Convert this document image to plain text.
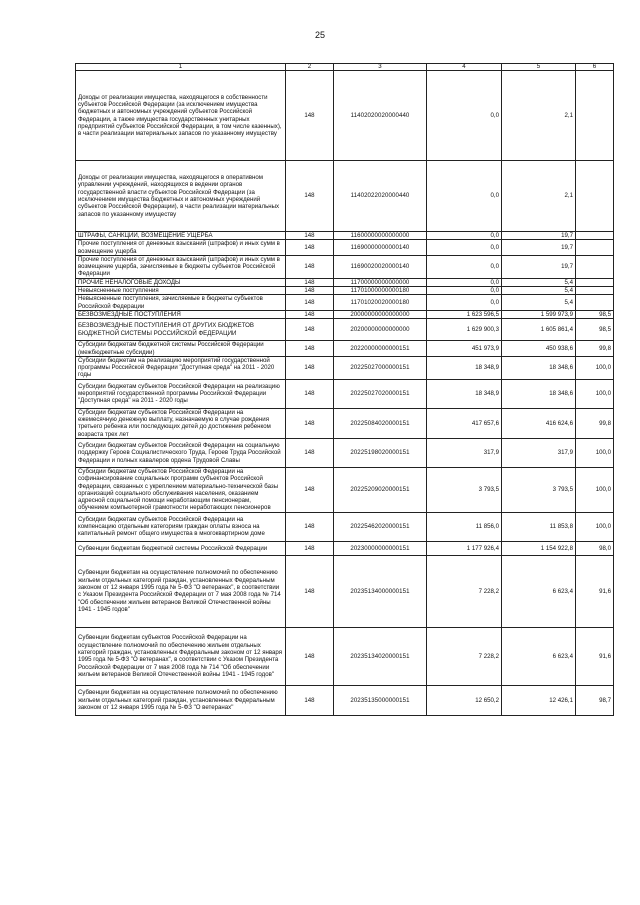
25
1	2	3	4	5	6
Доходы от реализации имущества, находящегося в собственности субъектов Российской Федерации (за исключением имущества бюджетных и автономных учреждений субъектов Российской Федерации, а также имущества государственных унитарных предприятий субъектов Российской Федерации, в том числе казенных), в части реализации материальных запасов по указанному имуществу	148	11402020020000440	0,0	2,1	
Доходы от реализации имущества, находящегося в оперативном управлении учреждений, находящихся в ведении органов государственной власти субъектов Российской Федерации (за исключением имущества бюджетных и автономных учреждений субъектов Российской Федерации), в части реализации материальных запасов по указанному имуществу	148	11402022020000440	0,0	2,1	
ШТРАФЫ, САНКЦИИ, ВОЗМЕЩЕНИЕ УЩЕРБА	148	11600000000000000	0,0	19,7	
Прочие поступления от денежных взысканий (штрафов) и иных сумм в возмещение ущерба	148	11690000000000140	0,0	19,7	
Прочие поступления от денежных взысканий (штрафов) и иных сумм в возмещение ущерба, зачисляемые в бюджеты субъектов Российской Федерации	148	11690020020000140	0,0	19,7	
ПРОЧИЕ НЕНАЛОГОВЫЕ ДОХОДЫ	148	11700000000000000	0,0	5,4	
Невыясненные поступления	148	11701000000000180	0,0	5,4	
Невыясненные поступления, зачисляемые в бюджеты субъектов Российской Федерации	148	11701020020000180	0,0	5,4	
БЕЗВОЗМЕЗДНЫЕ ПОСТУПЛЕНИЯ	148	20000000000000000	1 623 596,5	1 599 973,9	98,5
БЕЗВОЗМЕЗДНЫЕ ПОСТУПЛЕНИЯ ОТ ДРУГИХ БЮДЖЕТОВ БЮДЖЕТНОЙ СИСТЕМЫ РОССИЙСКОЙ ФЕДЕРАЦИИ	148	20200000000000000	1 629 900,3	1 605 861,4	98,5
Субсидии бюджетам бюджетной системы Российской Федерации (межбюджетные субсидии)	148	20220000000000151	451 973,9	450 938,6	99,8
Субсидии бюджетам на реализацию мероприятий государственной программы Российской Федерации "Доступная среда" на 2011 - 2020 годы	148	20225027000000151	18 348,9	18 348,6	100,0
Субсидии бюджетам субъектов Российской Федерации на реализацию мероприятий государственной программы Российской Федерации "Доступная среда" на 2011 - 2020 годы	148	20225027020000151	18 348,9	18 348,6	100,0
Субсидии бюджетам субъектов Российской Федерации на ежемесячную денежную выплату, назначаемую в случае рождения третьего ребенка или последующих детей до достижения ребенком возраста трех лет	148	20225084020000151	417 657,6	416 624,6	99,8
Субсидии бюджетам субъектов Российской Федерации на социальную поддержку Героев Социалистического Труда, Героев Труда Российской Федерации и полных кавалеров ордена Трудовой Славы	148	20225198020000151	317,9	317,9	100,0
Субсидии бюджетам субъектов Российской Федерации на софинансирование социальных программ субъектов Российской Федерации, связанных с укреплением материально-технической базы организаций социального обслуживания населения, оказанием адресной социальной помощи неработающим пенсионерам, обучением компьютерной грамотности неработающих пенсионеров	148	20225209020000151	3 793,5	3 793,5	100,0
Субсидии бюджетам субъектов Российской Федерации на компенсацию отдельным категориям граждан оплаты взноса на капитальный ремонт общего имущества в многоквартирном доме	148	20225462020000151	11 856,0	11 853,8	100,0
Субвенции бюджетам бюджетной системы Российской Федерации	148	20230000000000151	1 177 926,4	1 154 922,8	98,0
Субвенции бюджетам на осуществление полномочий по обеспечению жильем отдельных категорий граждан, установленных Федеральным законом от 12 января 1995 года № 5-ФЗ "О ветеранах", в соответствии с Указом Президента Российской Федерации от 7 мая 2008 года № 714 "Об обеспечении жильем ветеранов Великой Отечественной войны 1941 - 1945 годов"	148	20235134000000151	7 228,2	6 623,4	91,6
Субвенции бюджетам субъектов Российской Федерации на осуществление полномочий по обеспечению жильем отдельных категорий граждан, установленных Федеральным законом от 12 января 1995 года № 5-ФЗ "О ветеранах", в соответствии с Указом Президента Российской Федерации от 7 мая 2008 года № 714 "Об обеспечении жильем ветеранов Великой Отечественной войны 1941 - 1945 годов"	148	20235134020000151	7 228,2	6 623,4	91,6
Субвенции бюджетам на осуществление полномочий по обеспечению жильем отдельных категорий граждан, установленных Федеральным законом от 12 января 1995 года № 5-ФЗ "О ветеранах"	148	20235135000000151	12 650,2	12 426,1	98,7
